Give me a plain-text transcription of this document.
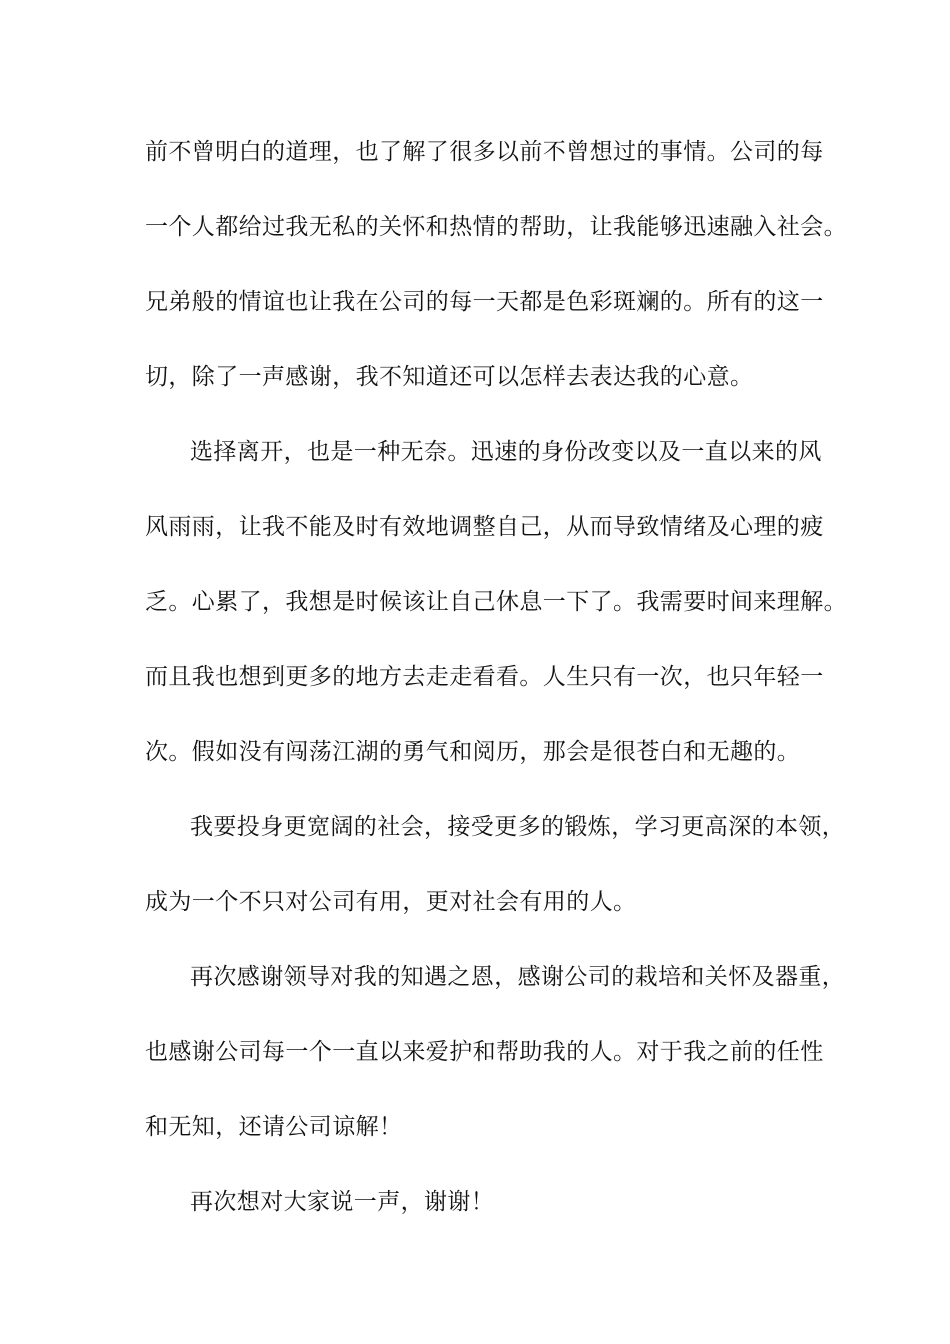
前不曾明白的道理，也了解了很多以前不曾想过的事情。公司的每
一个人都给过我无私的关怀和热情的帮助，让我能够迅速融入社会。
兄弟般的情谊也让我在公司的每一天都是色彩斑斓的。所有的这一
切，除了一声感谢，我不知道还可以怎样去表达我的心意。
选择离开，也是一种无奈。迅速的身份改变以及一直以来的风
风雨雨，让我不能及时有效地调整自己，从而导致情绪及心理的疲
乏。心累了，我想是时候该让自己休息一下了。我需要时间来理解。
而且我也想到更多的地方去走走看看。人生只有一次，也只年轻一
次。假如没有闯荡江湖的勇气和阅历，那会是很苍白和无趣的。
我要投身更宽阔的社会，接受更多的锻炼，学习更高深的本领，
成为一个不只对公司有用，更对社会有用的人。
再次感谢领导对我的知遇之恩，感谢公司的栽培和关怀及器重，
也感谢公司每一个一直以来爱护和帮助我的人。对于我之前的任性
和无知，还请公司谅解！
再次想对大家说一声，谢谢！
